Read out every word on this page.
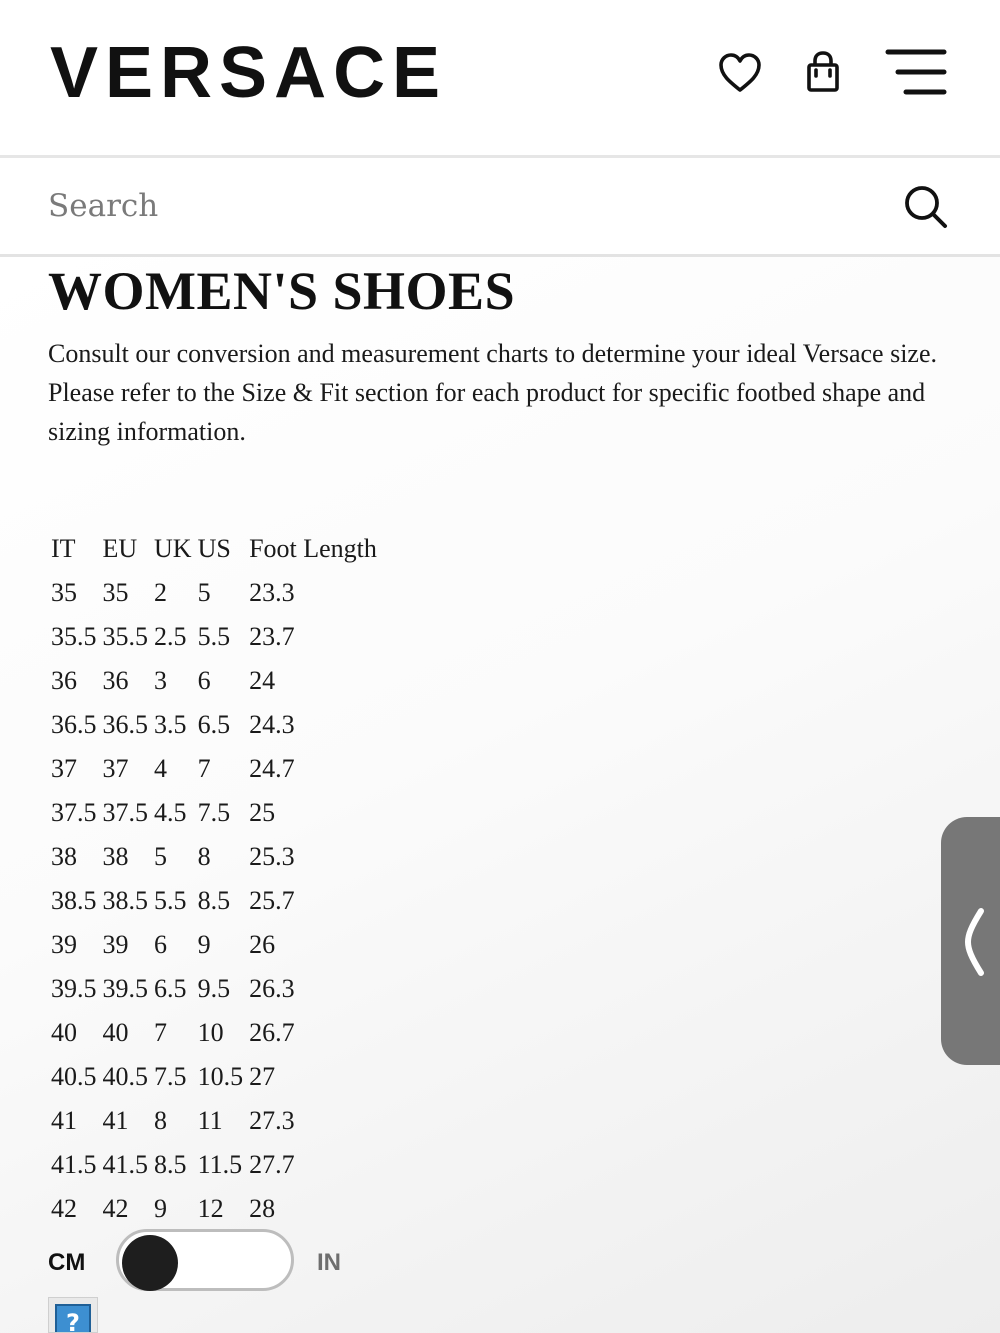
VERSACE
Search
WOMEN'S SHOES

Consult our conversion and measurement charts to determine your ideal Versace size. Please refer to the Size & Fit section for each product for specific footbed shape and sizing information.

IT	EU	UK	US	Foot Length
35	35	2	5	23.3
35.5	35.5	2.5	5.5	23.7
36	36	3	6	24
36.5	36.5	3.5	6.5	24.3
37	37	4	7	24.7
37.5	37.5	4.5	7.5	25
38	38	5	8	25.3
38.5	38.5	5.5	8.5	25.7
39	39	6	9	26
39.5	39.5	6.5	9.5	26.3
40	40	7	10	26.7
40.5	40.5	7.5	10.5	27
41	41	8	11	27.3
41.5	41.5	8.5	11.5	27.7
42	42	9	12	28
CM	IN
?
